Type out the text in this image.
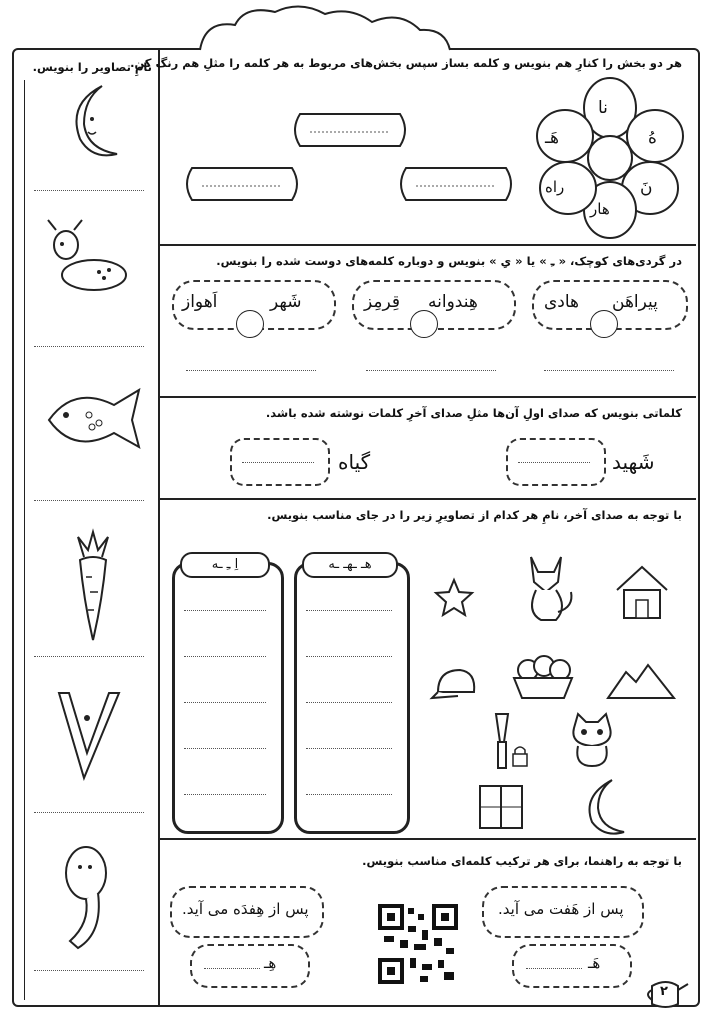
نامِ تصاویر را بنویس.
هر دو بخش را کنارِ هم بنویس و کلمه بساز سپس بخش‌های مربوط به هر کلمه را مثلِ هم رنگ کن.
نا
هُ
نَ
هار
راه
هَـ
در گردی‌های کوچک، « ـِ » یا « یِ » بنویس و دوباره کلمه‌های دوست شده را بنویس.
اَهواز	شَهر	قِرمِز هِندوانه	هادی پیراهَن
کلماتی بنویس که صدای اولِ آن‌ها مثلِ صدای آخرِ کلمات نوشته شده باشد.
گیاه	شَهید
با توجه به صدای آخر، نامِ هر کدام از تصاویرِ زیر را در جای مناسب بنویس.
اِ ـِ ـه	هـ ـهـ ـه
با توجه به راهنما، برای هر ترکیب کلمه‌ای مناسب بنویس.
پس از هِفدَه می آید.	پس از هَفت می آید.
هِـ	هَـ
۲
